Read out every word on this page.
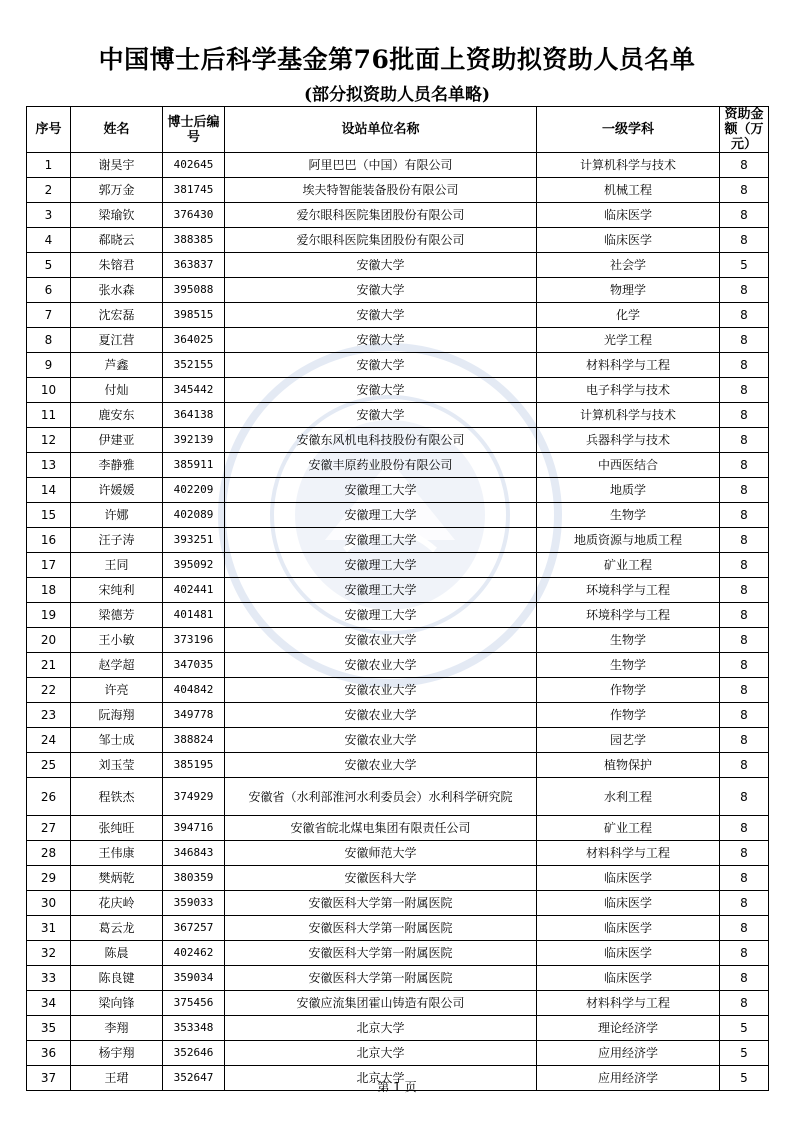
中国博士后科学基金第76批面上资助拟资助人员名单
(部分拟资助人员名单略)
序号	姓名	博士后编号	设站单位名称	一级学科	资助金额（万元）
1	谢昊宇	402645	阿里巴巴（中国）有限公司	计算机科学与技术	8
2	郭万金	381745	埃夫特智能装备股份有限公司	机械工程	8
3	梁瑜钦	376430	爱尔眼科医院集团股份有限公司	临床医学	8
4	郗晓云	388385	爱尔眼科医院集团股份有限公司	临床医学	8
5	朱镕君	363837	安徽大学	社会学	5
6	张水森	395088	安徽大学	物理学	8
7	沈宏磊	398515	安徽大学	化学	8
8	夏江营	364025	安徽大学	光学工程	8
9	芦鑫	352155	安徽大学	材料科学与工程	8
10	付灿	345442	安徽大学	电子科学与技术	8
11	鹿安东	364138	安徽大学	计算机科学与技术	8
12	伊建亚	392139	安徽东风机电科技股份有限公司	兵器科学与技术	8
13	李静雅	385911	安徽丰原药业股份有限公司	中西医结合	8
14	许媛媛	402209	安徽理工大学	地质学	8
15	许娜	402089	安徽理工大学	生物学	8
16	汪子涛	393251	安徽理工大学	地质资源与地质工程	8
17	王同	395092	安徽理工大学	矿业工程	8
18	宋纯利	402441	安徽理工大学	环境科学与工程	8
19	梁德芳	401481	安徽理工大学	环境科学与工程	8
20	王小敏	373196	安徽农业大学	生物学	8
21	赵学超	347035	安徽农业大学	生物学	8
22	许亮	404842	安徽农业大学	作物学	8
23	阮海翔	349778	安徽农业大学	作物学	8
24	邹士成	388824	安徽农业大学	园艺学	8
25	刘玉莹	385195	安徽农业大学	植物保护	8
26	程铁杰	374929	安徽省（水利部淮河水利委员会）水利科学研究院	水利工程	8
27	张纯旺	394716	安徽省皖北煤电集团有限责任公司	矿业工程	8
28	王伟康	346843	安徽师范大学	材料科学与工程	8
29	樊炳乾	380359	安徽医科大学	临床医学	8
30	花庆岭	359033	安徽医科大学第一附属医院	临床医学	8
31	葛云龙	367257	安徽医科大学第一附属医院	临床医学	8
32	陈晨	402462	安徽医科大学第一附属医院	临床医学	8
33	陈良键	359034	安徽医科大学第一附属医院	临床医学	8
34	梁向锋	375456	安徽应流集团霍山铸造有限公司	材料科学与工程	8
35	李翔	353348	北京大学	理论经济学	5
36	杨宇翔	352646	北京大学	应用经济学	5
37	王珺	352647	北京大学	应用经济学	5
第 1 页
